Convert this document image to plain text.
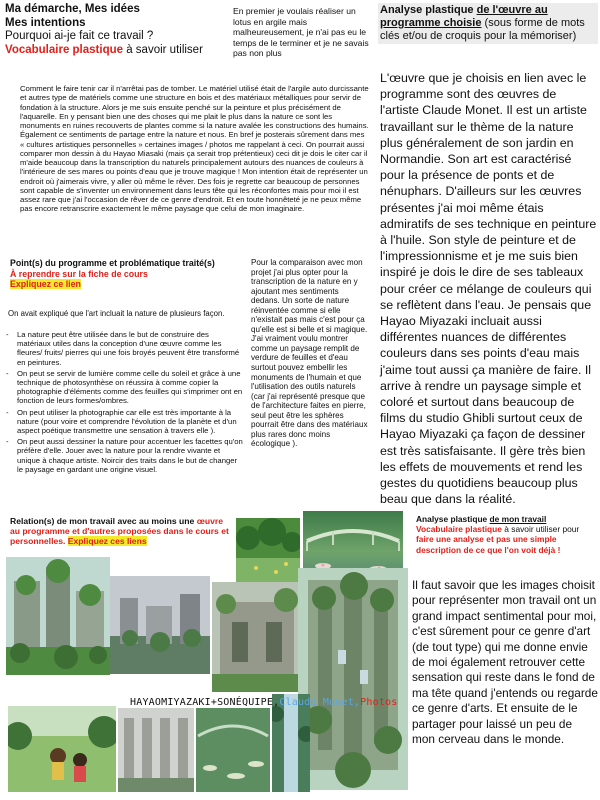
Ma démarche, Mes idées
Mes intentions
Pourquoi ai-je fait ce travail ?
Vocabulaire plastique à savoir utiliser
En premier je voulais réaliser un lotus en argile mais malheureusement, je n'ai pas eu le temps de le terminer et je ne savais pas non plus
Analyse plastique de l'œuvre au programme choisie (sous forme de mots clés et/ou de croquis pour la mémoriser)
L'œuvre que je choisis en lien avec le programme sont des œuvres de l'artiste Claude Monet. Il est un artiste travaillant sur le thème de la nature plus généralement de son jardin en Normandie. Son art est caractérisé pour la présence de ponts et de nénuphars. D'ailleurs sur les œuvres présentes j'ai moi même étais admiratifs de ses technique en peinture à l'huile. Son style de peinture et de l'impressionnisme et je me suis bien inspiré je dois le dire de ses tableaux pour créer ce mélange de couleurs qui se reflètent dans l'eau. Je pensais que Hayao Miyazaki incluait aussi différentes nuances de différentes couleurs dans ses points d'eau mais j'aime tout aussi ça manière de faire. Il arrive à rendre un paysage simple et coloré et surtout dans beaucoup de films du studio Ghibli surtout ceux de Hayao Miyazaki ça façon de dessiner est très satisfaisante. Il gère très bien les effets de mouvements et rend les gestes du quotidiens beaucoup plus beau que dans la réalité.
Comment le faire tenir car il n'arrêtai pas de tomber. Le matériel utilisé était de l'argile auto durcissante et autres type de matériels comme une structure en bois et des matériaux métalliques pour servir de fondation à la structure. Alors je me suis ensuite penché sur la peinture et plus précisément de l'aquarelle. En y pensant bien une des choses qui me plait le plus dans la nature ce sont les monuments en ruines recouverts de plantes comme si la nature avalée les constructions des humains. Également ce sentiments de partage entre la nature et nous. En bref je posterais sûrement dans mes « cultures artistiques personnelles » certaines images / photos me rappelant à ceci. On pourrait aussi comparer mon dessin à du Hayao Miasaki (mais ça serait trop prétentieux) ceci dit je dois le citer car il m'aide beaucoup dans la transcription du naturels principalement autours des nuances de couleurs à l'intérieure de ses mares ou points d'eau que je trouve magique ! Mon intention était de représenter un endroit où j'aimerais vivre, y aller où même le rêver. Des fois je regrette car beaucoup de personnes sont capable de s'inventer un environnement dans leurs tête qui les réconfortes mais pour moi il est assez rare que j'ai l'occasion de rêver de ce genre d'endroit. Et en toute honnêteté je ne peux même pas encore retranscrire exactement le même paysage que celui de mon imaginaire.
Point(s) du programme et problématique traité(s)
À reprendre sur la fiche de cours
Expliquez ce lien
On avait expliqué que l'art incluait la nature de plusieurs façon.
- La nature peut être utilisée dans le but de construire des matériaux utiles dans la conception d'une œuvre comme les fleures/ fruits/ pierres qui une fois broyés peuvent être transformé en peintures.
- On peut se servir de lumière comme celle du soleil et grâce à une technique de photosynthèse on réussira à comme copier la photographie d'éléments comme des feuilles qui s'imprimer ont en fonction de leurs formes/ombres.
- On peut utiliser la photographie car elle est très importante à la nature (pour voire et comprendre l'évolution de la planète et d'un aspect poétique transmettre une sensation à travers elle ).
- On peut aussi dessiner la nature pour accentuer les facettes qu'on préfère d'elle. Jouer avec la nature pour la rendre vivante et unique à chaque artiste. Noircir des traits dans le but de changer le paysage en gardant une origine visuel.
Pour la comparaison avec mon projet j'ai plus opter pour la transcription de la nature en y ajoutant mes sentiments dedans. Un sorte de nature réinventée comme si elle n'existait pas mais c'est pour ça qu'elle est si belle et si magique. J'ai vraiment voulu montrer comme un paysage remplit de verdure de feuilles et d'eau surtout pouvez embellir les monuments de l'humain et que l'utilisation des outils naturels (car j'ai représenté presque que de l'architecture faites en pierre, seul peut être les sphères pourrait être dans des matériaux plus rares donc moins écologique ).
Relation(s) de mon travail avec au moins une œuvre au programme et d'autres proposées dans le cours et personnelles. Expliquez ces liens
Analyse plastique de mon travail
Vocabulaire plastique à savoir utiliser pour faire une analyse et pas une simple description de ce que l'on voit déjà !
Il faut savoir que les images choisit pour représenter mon travail ont un grand impact sentimental pour moi, c'est sûrement pour ce genre d'art (de tout type) qui me donne envie de moi également retrouver cette sensation qui reste dans le fond de ma tête quand j'entends ou regarde ce genre d'arts. Et ensuite de le partager pour laissé un peu de mon cerveau dans le monde.
HAYAOMIYAZAKI+SONÉQUIPE,Claude Monet,Photos
